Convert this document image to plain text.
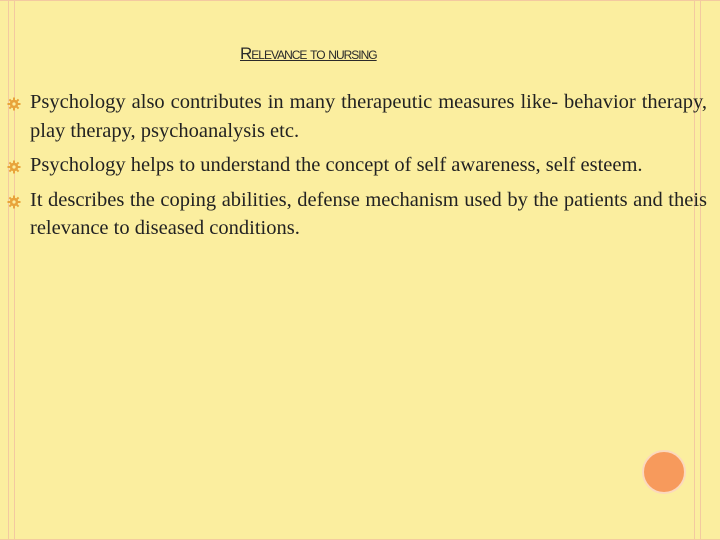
Relevance to nursing
Psychology also contributes in many therapeutic measures like- behavior therapy, play therapy, psychoanalysis etc.
Psychology helps to understand the concept of self awareness, self esteem.
It describes the coping abilities, defense mechanism used by the patients and theis relevance to diseased conditions.
